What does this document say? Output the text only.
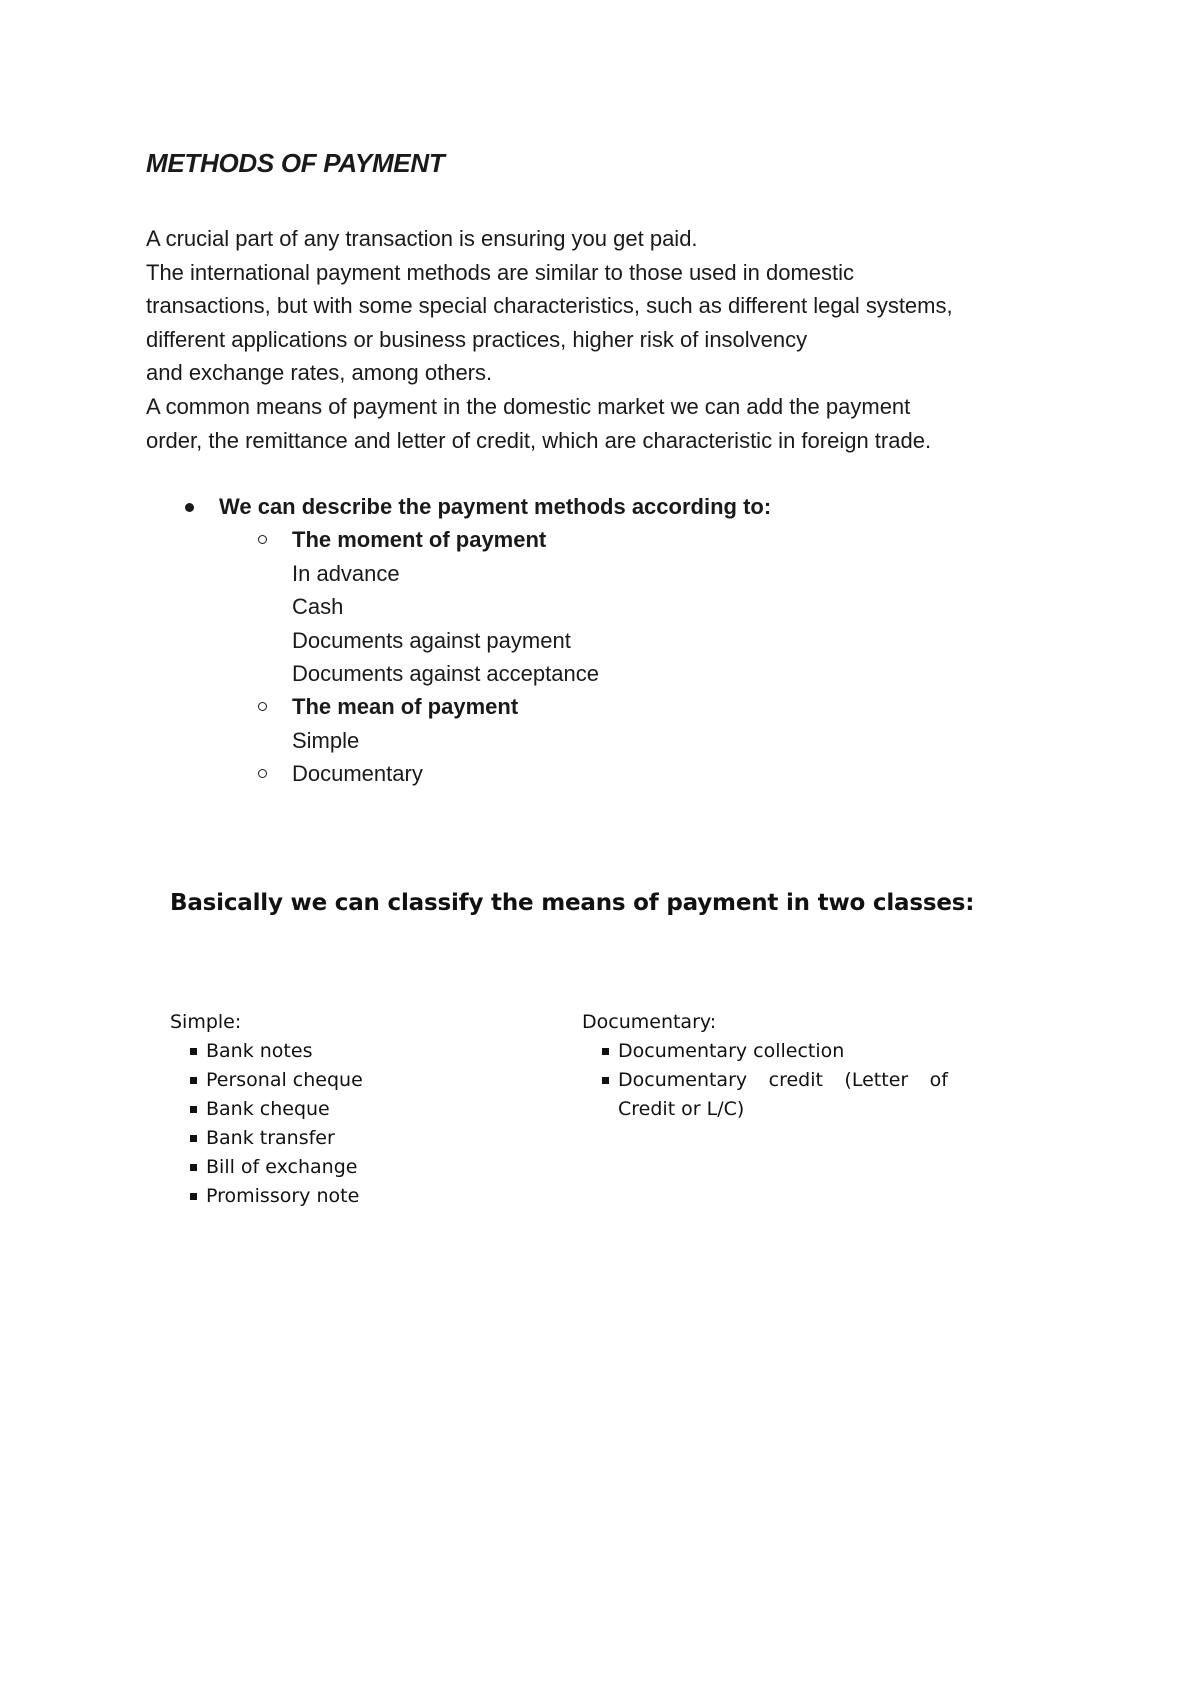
METHODS OF PAYMENT
A crucial part of any transaction is ensuring you get paid.
The international payment methods are similar to those used in domestic
transactions, but with some special characteristics, such as different legal systems,
different applications or business practices, higher risk of insolvency
and exchange rates, among others.
A common means of payment in the domestic market we can add the payment
order, the remittance and letter of credit, which are characteristic in foreign trade.
We can describe the payment methods according to:
The moment of payment
In advance
Cash
Documents against payment
Documents against acceptance
The mean of payment
Simple
Documentary
Basically we can classify the means of payment in two classes:
Simple:
Bank notes
Personal cheque
Bank cheque
Bank transfer
Bill of exchange
Promissory note
Documentary:
Documentary collection
Documentary credit (Letter of Credit or L/C)
